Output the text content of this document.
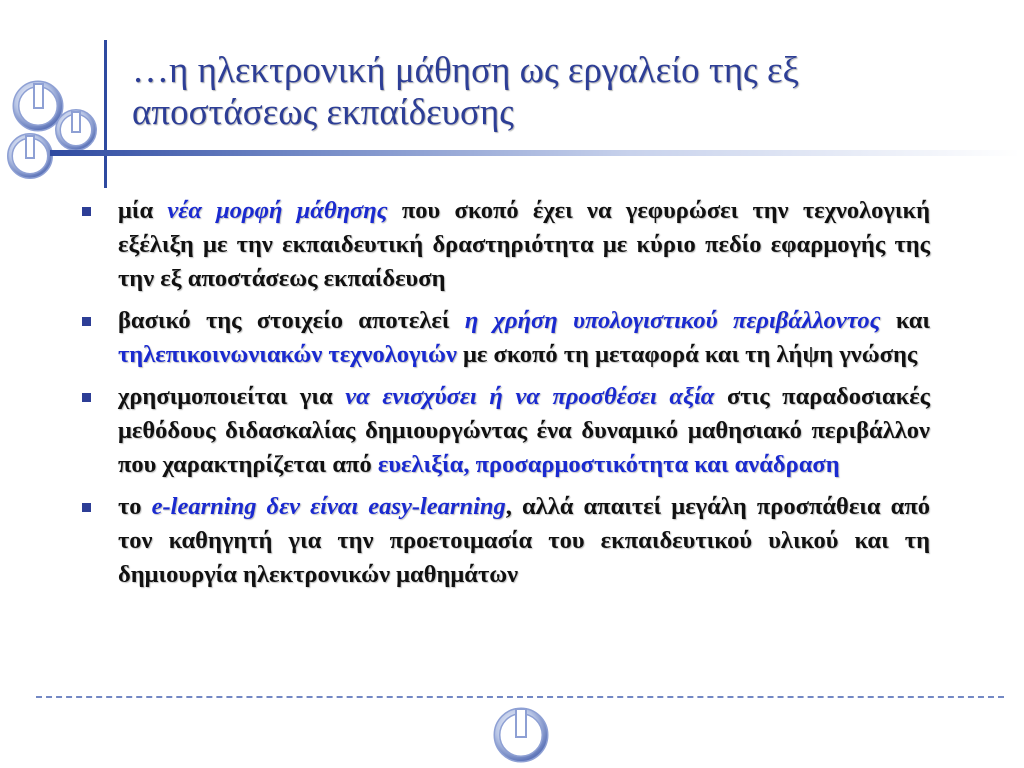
…η ηλεκτρονική μάθηση ως εργαλείο της εξ αποστάσεως εκπαίδευσης
μία νέα μορφή μάθησης που σκοπό έχει να γεφυρώσει την τεχνολογική εξέλιξη με την εκπαιδευτική δραστηριότητα με κύριο πεδίο εφαρμογής της την εξ αποστάσεως εκπαίδευση
βασικό της στοιχείο αποτελεί η χρήση υπολογιστικού περιβάλλοντος και τηλεπικοινωνιακών τεχνολογιών με σκοπό τη μεταφορά και τη λήψη γνώσης
χρησιμοποιείται για να ενισχύσει ή να προσθέσει αξία στις παραδοσιακές μεθόδους διδασκαλίας δημιουργώντας ένα δυναμικό μαθησιακό περιβάλλον που χαρακτηρίζεται από ευελιξία, προσαρμοστικότητα και ανάδραση
το e-learning δεν είναι easy-learning, αλλά απαιτεί μεγάλη προσπάθεια από τον καθηγητή για την προετοιμασία του εκπαιδευτικού υλικού και τη δημιουργία ηλεκτρονικών μαθημάτων
